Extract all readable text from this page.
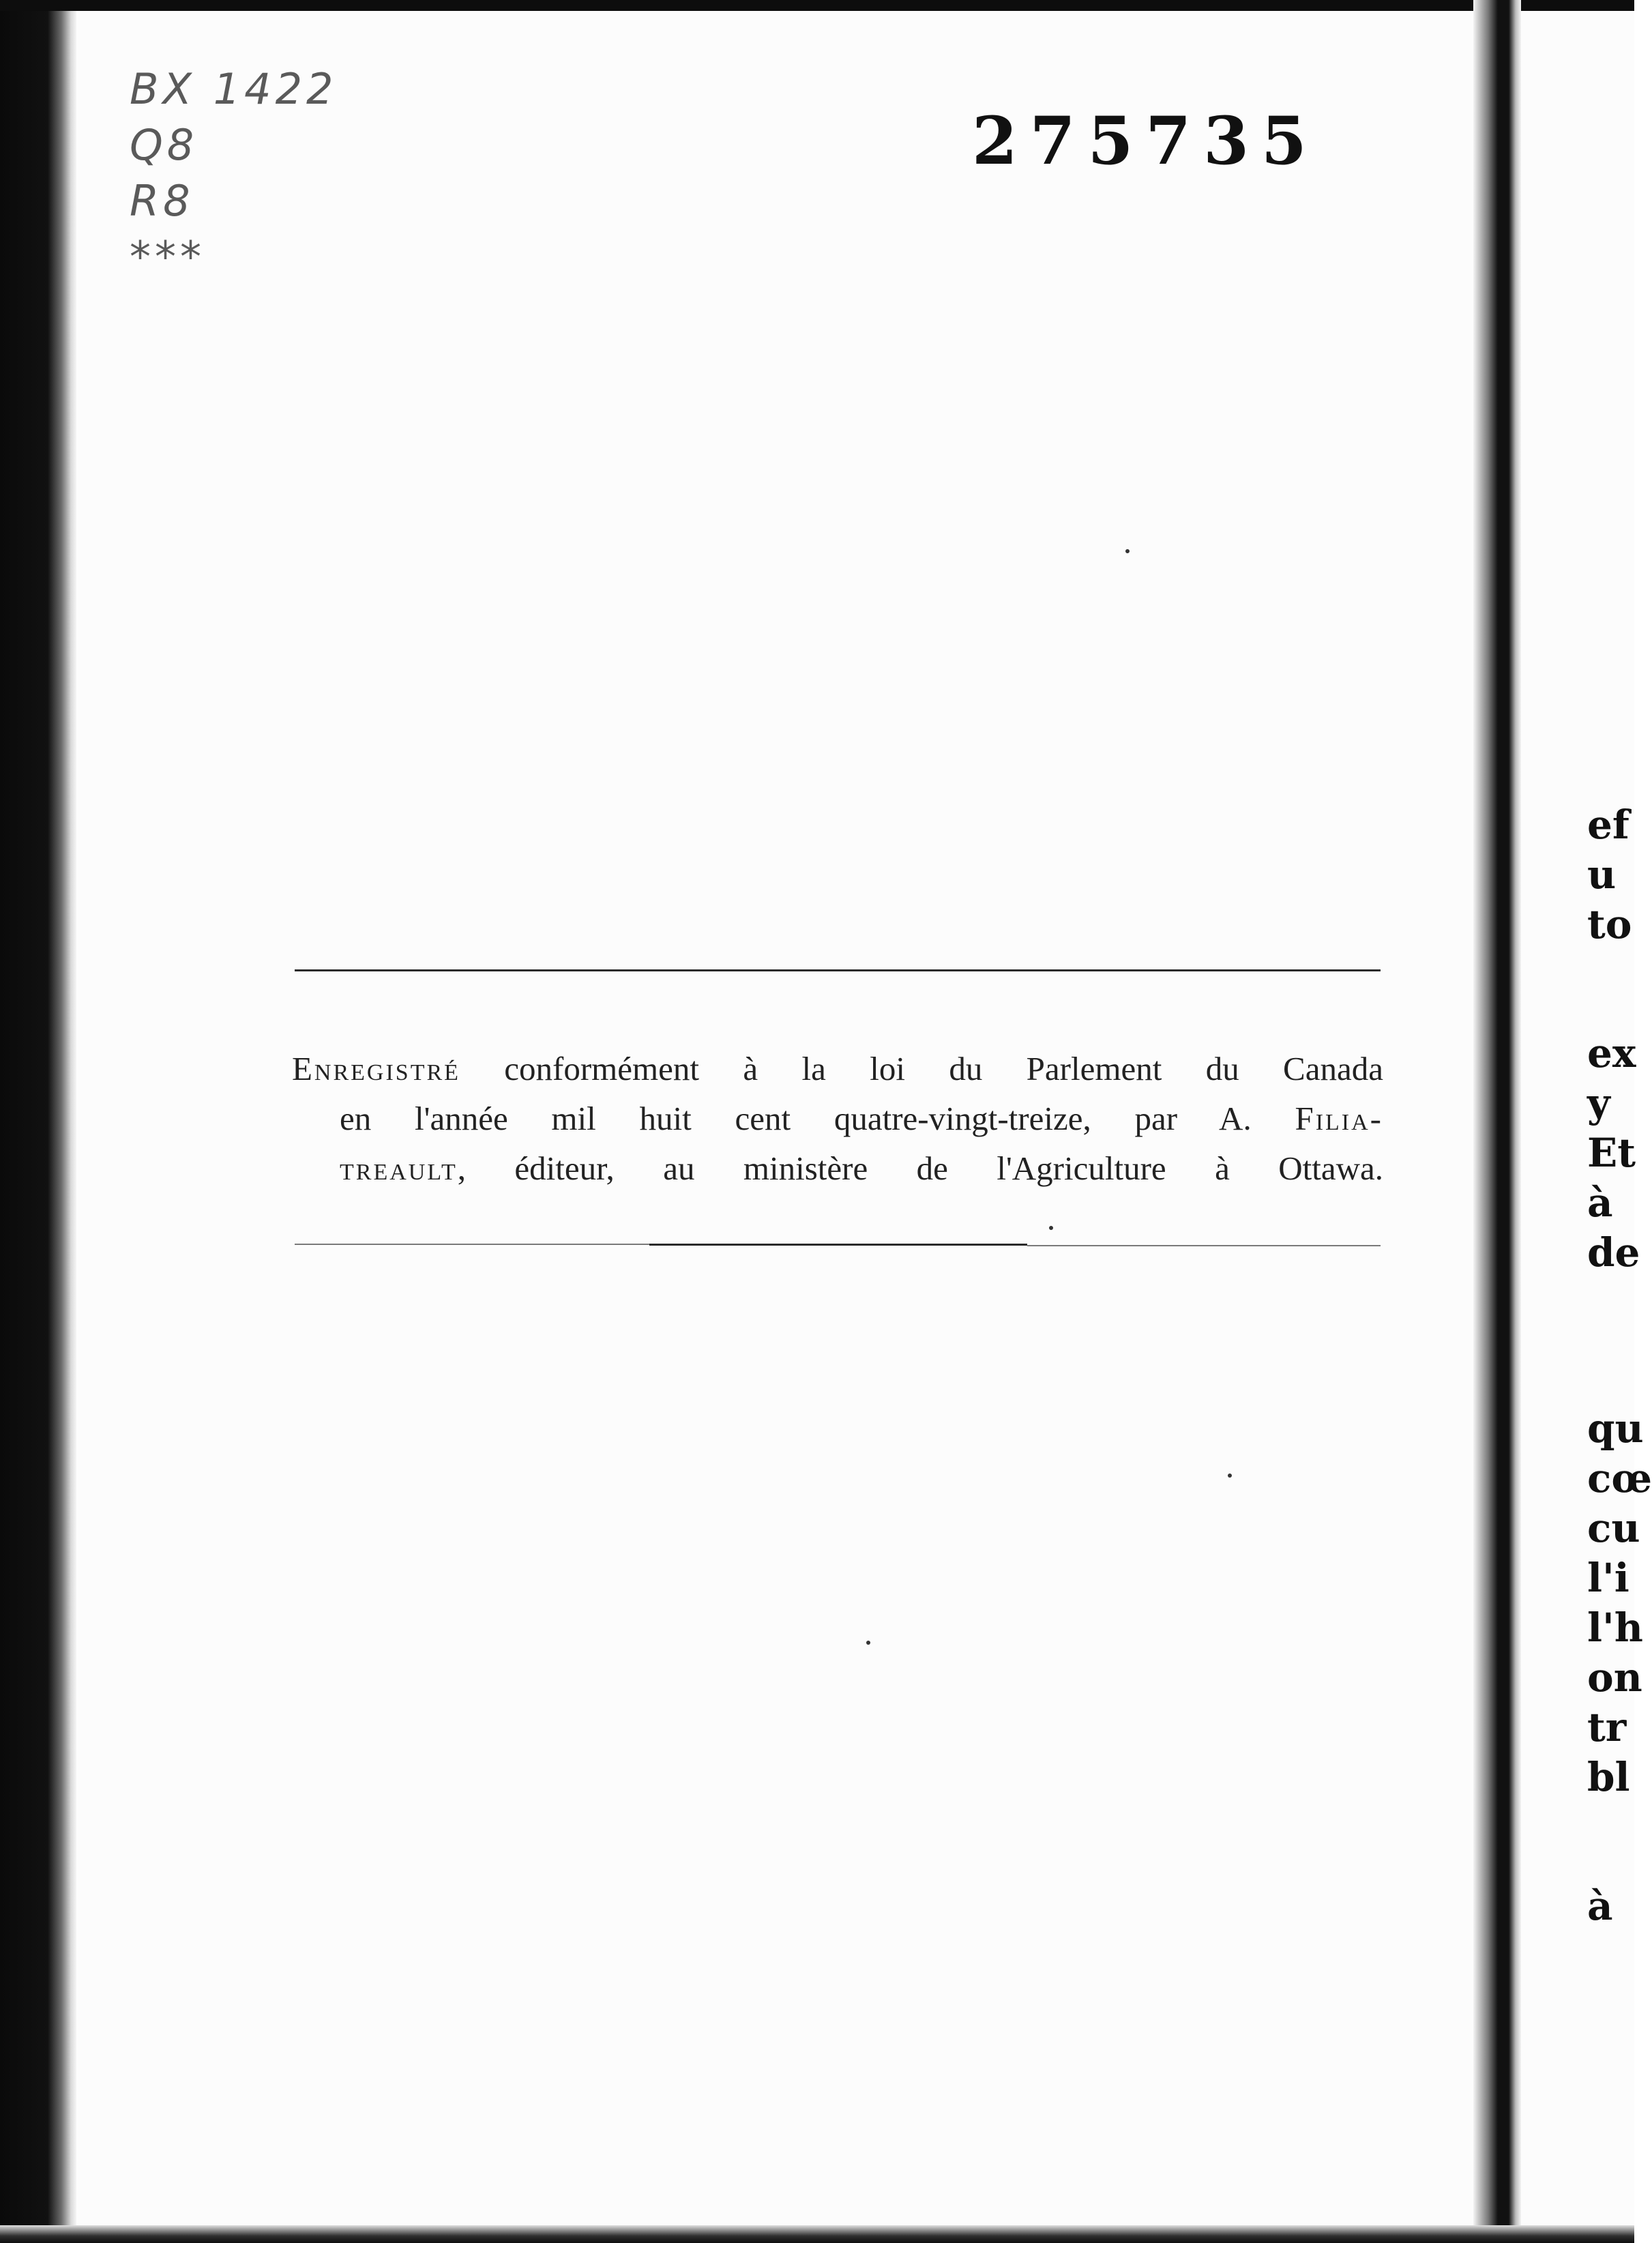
BX 1422
Q8
R8
***
275735

Enregistré conformément à la loi du Parlement du Canada

en l'année mil huit cent quatre-vingt-treize, par A. Filia-

treault, éditeur, au ministère de l'Agriculture à Ottawa.

ef
u
to
ex
y
Et
à
de
qu
cœ
cu
l'i
l'h
on
tr
bl
à
